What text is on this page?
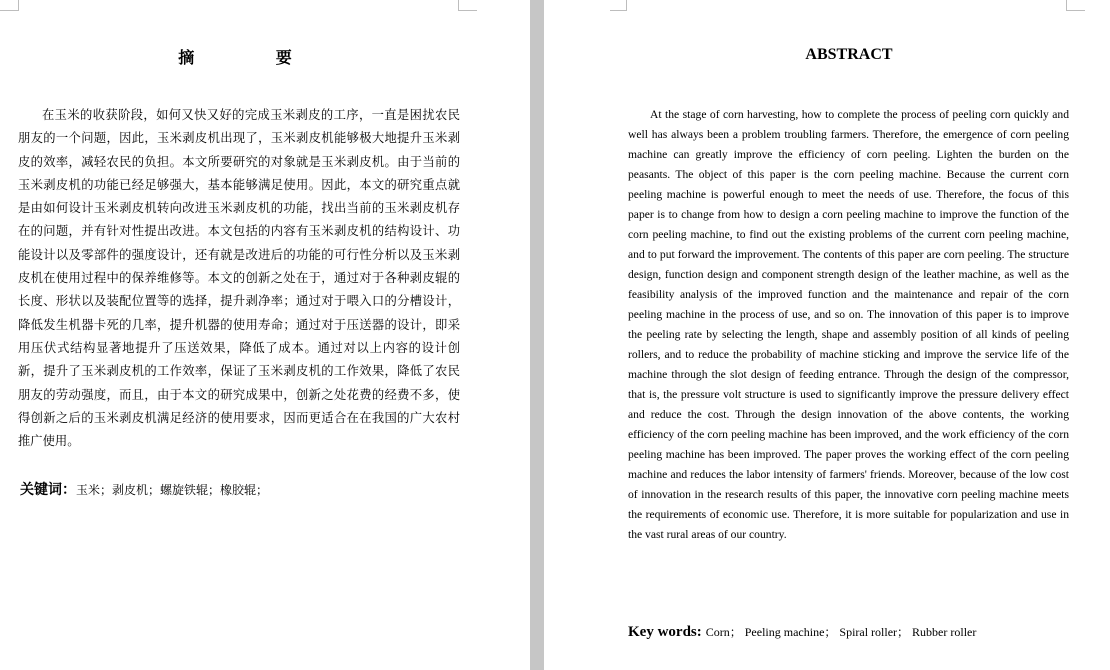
摘 要

在玉米的收获阶段，如何又快又好的完成玉米剥皮的工序，一直是困扰农民朋友的一个问题，因此，玉米剥皮机出现了，玉米剥皮机能够极大地提升玉米剥皮的效率，减轻农民的负担。本文所要研究的对象就是玉米剥皮机。由于当前的玉米剥皮机的功能已经足够强大，基本能够满足使用。因此，本文的研究重点就是由如何设计玉米剥皮机转向改进玉米剥皮机的功能，找出当前的玉米剥皮机存在的问题，并有针对性提出改进。本文包括的内容有玉米剥皮机的结构设计、功能设计以及零部件的强度设计，还有就是改进后的功能的可行性分析以及玉米剥皮机在使用过程中的保养维修等。本文的创新之处在于，通过对于各种剥皮辊的长度、形状以及装配位置等的选择，提升剥净率；通过对于喂入口的分槽设计，降低发生机器卡死的几率，提升机器的使用寿命；通过对于压送器的设计，即采用压伏式结构显著地提升了压送效果，降低了成本。通过对以上内容的设计创新，提升了玉米剥皮机的工作效率，保证了玉米剥皮机的工作效果，降低了农民朋友的劳动强度，而且，由于本文的研究成果中，创新之处花费的经费不多，使得创新之后的玉米剥皮机满足经济的使用要求，因而更适合在在我国的广大农村推广使用。

关键词：玉米；剥皮机；螺旋铁辊；橡胶辊；
ABSTRACT

At the stage of corn harvesting, how to complete the process of peeling corn quickly and well has always been a problem troubling farmers. Therefore, the emergence of corn peeling machine can greatly improve the efficiency of corn peeling. Lighten the burden on the peasants. The object of this paper is the corn peeling machine. Because the current corn peeling machine is powerful enough to meet the needs of use. Therefore, the focus of this paper is to change from how to design a corn peeling machine to improve the function of the corn peeling machine, to find out the existing problems of the current corn peeling machine, and to put forward the improvement. The contents of this paper are corn peeling. The structure design, function design and component strength design of the leather machine, as well as the feasibility analysis of the improved function and the maintenance and repair of the corn peeling machine in the process of use, and so on. The innovation of this paper is to improve the peeling rate by selecting the length, shape and assembly position of all kinds of peeling rollers, and to reduce the probability of machine sticking and improve the service life of the machine through the slot design of feeding entrance. Through the design of the compressor, that is, the pressure volt structure is used to significantly improve the pressure delivery effect and reduce the cost. Through the design innovation of the above contents, the working efficiency of the corn peeling machine has been improved, and the work efficiency of the corn peeling machine has been improved. The paper proves the working effect of the corn peeling machine and reduces the labor intensity of farmers' friends. Moreover, because of the low cost of innovation in the research results of this paper, the innovative corn peeling machine meets the requirements of economic use. Therefore, it is more suitable for popularization and use in the vast rural areas of our country.

Key words: Corn； Peeling machine； Spiral roller； Rubber roller
